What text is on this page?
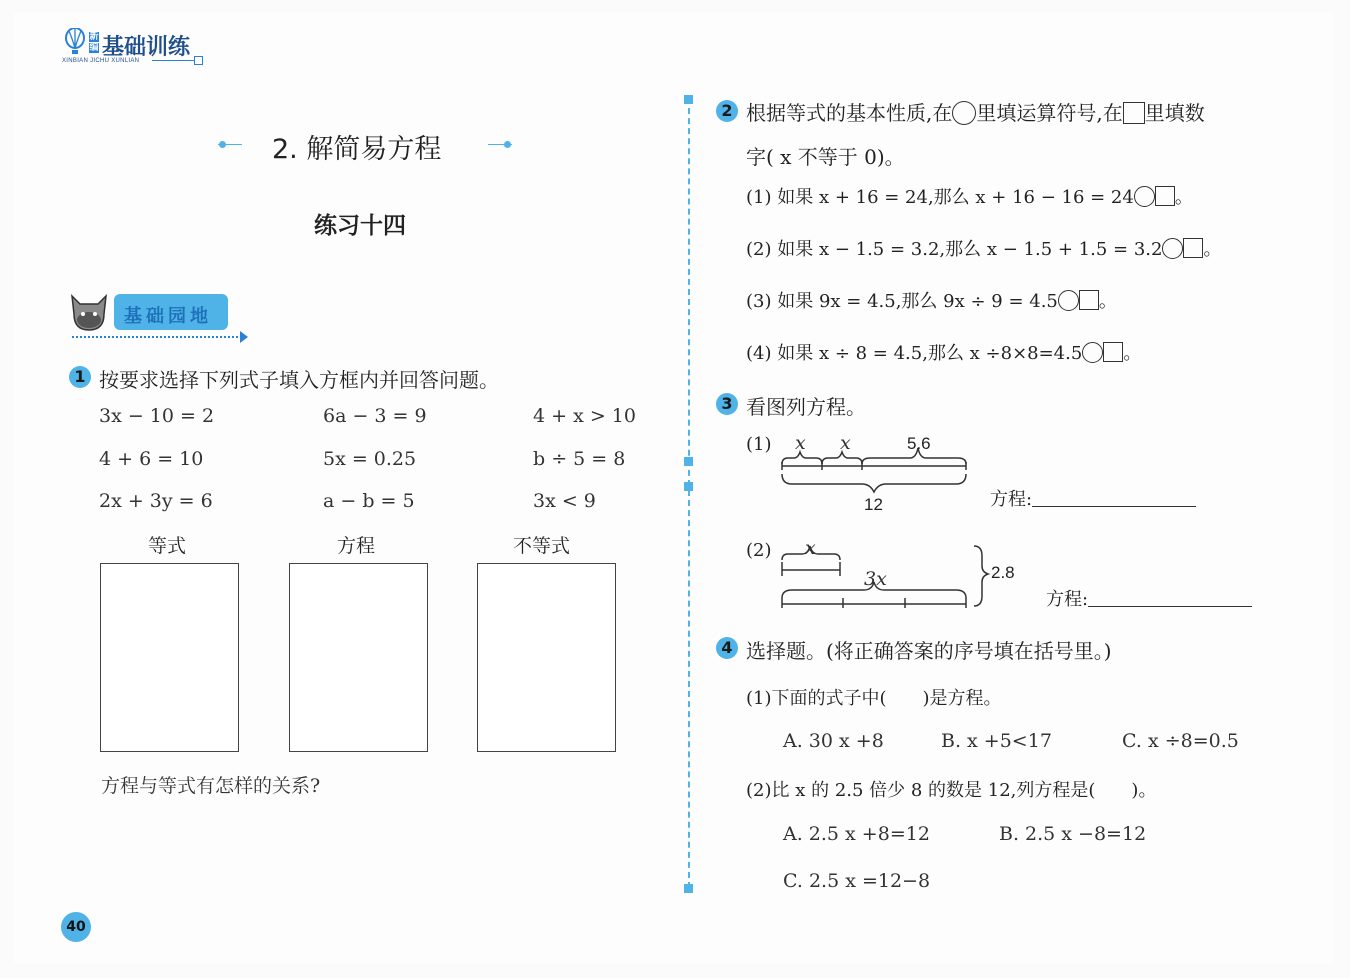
新
编 基础训练
XINBIAN JICHU XUNLIAN
2. 解简易方程
练习十四
基础园地
1 按要求选择下列式子填入方框内并回答问题。
3x − 10 = 2	6a − 3 = 9	4 + x > 10
4 + 6 = 10	5x = 0.25	b ÷ 5 = 8
2x + 3y = 6	a − b = 5	3x < 9
等式	方程	不等式
方程与等式有怎样的关系?
40
2 根据等式的基本性质,在 里填运算符号,在 里填数
字( x 不等于 0)。
(1) 如果 x + 16 = 24,那么 x + 16 − 16 = 24 。
(2) 如果 x − 1.5 = 3.2,那么 x − 1.5 + 1.5 = 3.2 。
(3) 如果 9x = 4.5,那么 9x ÷ 9 = 4.5 。
(4) 如果 x ÷ 8 = 4.5,那么 x ÷8×8=4.5 。
3 看图列方程。
(1) x x	5.6
12	方程:
(2) x
3x	2.8
方程:
4 选择题。(将正确答案的序号填在括号里。)
(1)下面的式子中(　　)是方程。
A. 30 x +8	B. x +5<17	C. x ÷8=0.5
(2)比 x 的 2.5 倍少 8 的数是 12,列方程是(　　)。
A. 2.5 x +8=12	B. 2.5 x −8=12
C. 2.5 x =12−8
